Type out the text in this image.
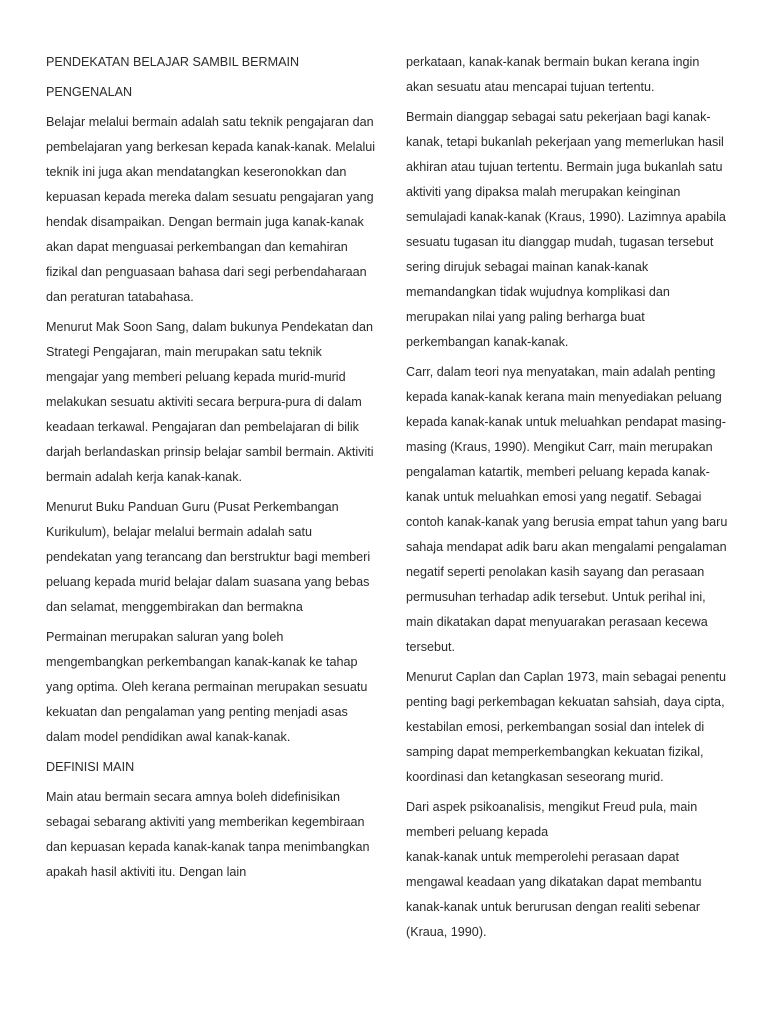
PENDEKATAN BELAJAR SAMBIL BERMAIN

PENGENALAN

Belajar melalui bermain adalah satu teknik pengajaran dan pembelajaran yang berkesan kepada kanak-kanak. Melalui teknik ini juga akan mendatangkan keseronokkan dan kepuasan kepada mereka dalam sesuatu pengajaran yang hendak disampaikan. Dengan bermain juga kanak-kanak akan dapat menguasai perkembangan dan kemahiran fizikal dan penguasaan bahasa dari segi perbendaharaan dan peraturan tatabahasa.

Menurut Mak Soon Sang, dalam bukunya Pendekatan dan Strategi Pengajaran, main merupakan satu teknik mengajar yang memberi peluang kepada murid-murid melakukan sesuatu aktiviti secara berpura-pura di dalam keadaan terkawal. Pengajaran dan pembelajaran di bilik darjah berlandaskan prinsip belajar sambil bermain. Aktiviti bermain adalah kerja kanak-kanak.

Menurut Buku Panduan Guru (Pusat Perkembangan Kurikulum), belajar melalui bermain adalah satu pendekatan yang terancang dan berstruktur bagi memberi peluang kepada murid belajar dalam suasana yang bebas dan selamat, menggembirakan dan bermakna

Permainan merupakan saluran yang boleh mengembangkan perkembangan kanak-kanak ke tahap yang optima. Oleh kerana permainan merupakan sesuatu kekuatan dan pengalaman yang penting menjadi asas dalam model pendidikan awal kanak-kanak.

DEFINISI MAIN

Main atau bermain secara amnya boleh didefinisikan sebagai sebarang aktiviti yang memberikan kegembiraan dan kepuasan kepada kanak-kanak tanpa menimbangkan apakah hasil aktiviti itu. Dengan lain

perkataan, kanak-kanak bermain bukan kerana ingin akan sesuatu atau mencapai tujuan tertentu.

Bermain dianggap sebagai satu pekerjaan bagi kanak-kanak, tetapi bukanlah pekerjaan yang memerlukan hasil akhiran atau tujuan tertentu. Bermain juga bukanlah satu aktiviti yang dipaksa malah merupakan keinginan semulajadi kanak-kanak (Kraus, 1990). Lazimnya apabila sesuatu tugasan itu dianggap mudah, tugasan tersebut sering dirujuk sebagai mainan kanak-kanak memandangkan tidak wujudnya komplikasi dan merupakan nilai yang paling berharga buat perkembangan kanak-kanak.

Carr, dalam teori nya menyatakan, main adalah penting kepada kanak-kanak kerana main menyediakan peluang kepada kanak-kanak untuk meluahkan pendapat masing-masing (Kraus, 1990). Mengikut Carr, main merupakan pengalaman katartik, memberi peluang kepada kanak-kanak untuk meluahkan emosi yang negatif. Sebagai contoh kanak-kanak yang berusia empat tahun yang baru sahaja mendapat adik baru akan mengalami pengalaman negatif seperti penolakan kasih sayang dan perasaan permusuhan terhadap adik tersebut. Untuk perihal ini, main dikatakan dapat menyuarakan perasaan kecewa tersebut.

Menurut Caplan dan Caplan 1973, main sebagai penentu penting bagi perkembagan kekuatan sahsiah, daya cipta, kestabilan emosi, perkembangan sosial dan intelek di samping dapat memperkembangkan kekuatan fizikal, koordinasi dan ketangkasan seseorang murid.

Dari aspek psikoanalisis, mengikut Freud pula, main memberi peluang kepada
kanak-kanak untuk memperolehi perasaan dapat mengawal keadaan yang dikatakan dapat membantu kanak-kanak untuk berurusan dengan realiti sebenar (Kraua, 1990).
